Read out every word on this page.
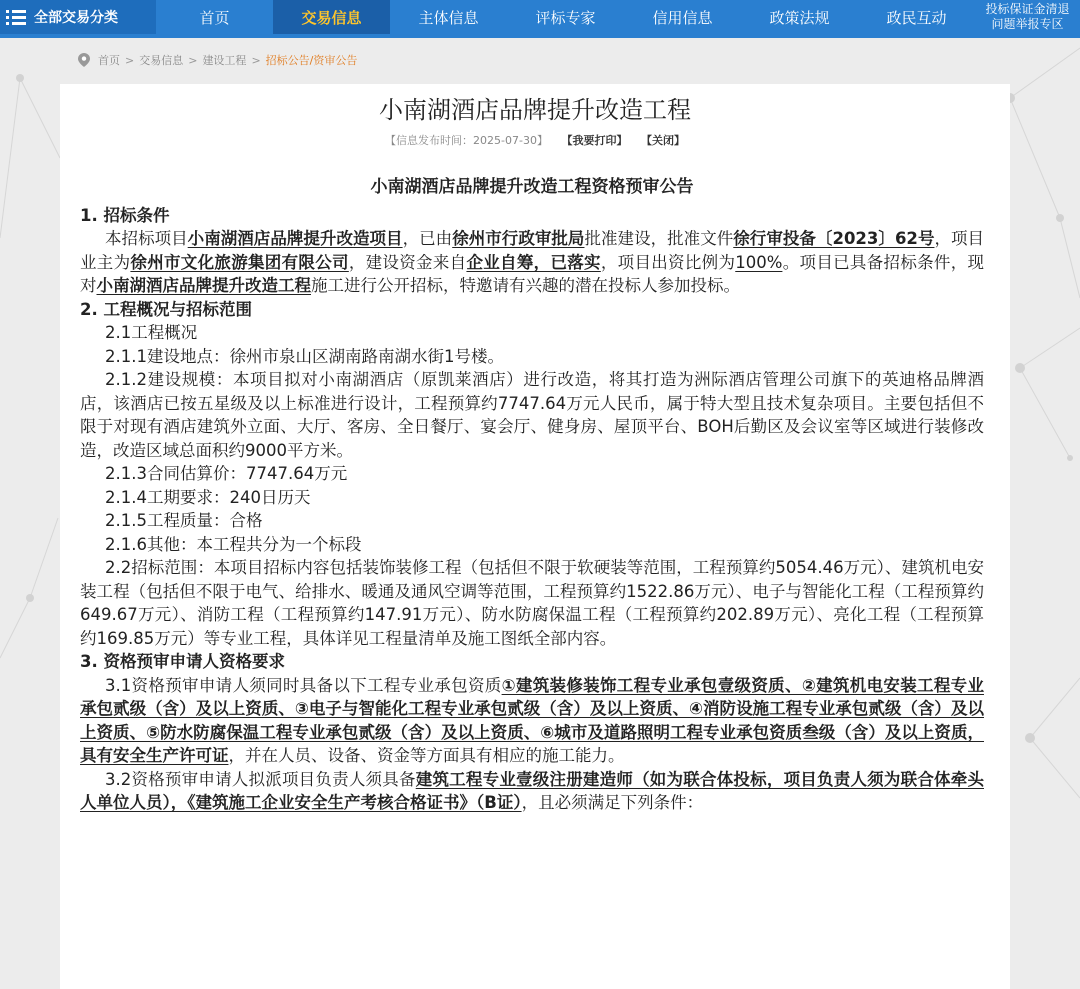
全部交易分类	首页	交易信息	主体信息	评标专家	信用信息	政策法规	政民互动	投标保证金清退
问题举报专区
首页 > 交易信息 > 建设工程 > 招标公告/资审公告
小南湖酒店品牌提升改造工程
【信息发布时间：2025-07-30】 【我要打印】 【关闭】
小南湖酒店品牌提升改造工程资格预审公告
1. 招标条件

本招标项目小南湖酒店品牌提升改造项目，已由徐州市行政审批局批准建设，批准文件徐行审投备〔2023〕62号，项目业主为徐州市文化旅游集团有限公司，建设资金来自企业自筹，已落实，项目出资比例为100%。项目已具备招标条件，现对小南湖酒店品牌提升改造工程施工进行公开招标，特邀请有兴趣的潜在投标人参加投标。

2. 工程概况与招标范围

2.1工程概况

2.1.1建设地点：徐州市泉山区湖南路南湖水街1号楼。

2.1.2建设规模：本项目拟对小南湖酒店（原凯莱酒店）进行改造，将其打造为洲际酒店管理公司旗下的英迪格品牌酒店，该酒店已按五星级及以上标准进行设计，工程预算约7747.64万元人民币，属于特大型且技术复杂项目。主要包括但不限于对现有酒店建筑外立面、大厅、客房、全日餐厅、宴会厅、健身房、屋顶平台、BOH后勤区及会议室等区域进行装修改造，改造区域总面积约9000平方米。

2.1.3合同估算价：7747.64万元

2.1.4工期要求：240日历天

2.1.5工程质量：合格

2.1.6其他：本工程共分为一个标段

2.2招标范围：本项目招标内容包括装饰装修工程（包括但不限于软硬装等范围，工程预算约5054.46万元）、建筑机电安装工程（包括但不限于电气、给排水、暖通及通风空调等范围，工程预算约1522.86万元）、电子与智能化工程（工程预算约649.67万元）、消防工程（工程预算约147.91万元）、防水防腐保温工程（工程预算约202.89万元）、亮化工程（工程预算约169.85万元）等专业工程，具体详见工程量清单及施工图纸全部内容。

3. 资格预审申请人资格要求

3.1资格预审申请人须同时具备以下工程专业承包资质①建筑装修装饰工程专业承包壹级资质、②建筑机电安装工程专业承包贰级（含）及以上资质、③电子与智能化工程专业承包贰级（含）及以上资质、④消防设施工程专业承包贰级（含）及以上资质、⑤防水防腐保温工程专业承包贰级（含）及以上资质、⑥城市及道路照明工程专业承包资质叁级（含）及以上资质，具有安全生产许可证，并在人员、设备、资金等方面具有相应的施工能力。

3.2资格预审申请人拟派项目负责人须具备建筑工程专业壹级注册建造师（如为联合体投标，项目负责人须为联合体牵头人单位人员），《建筑施工企业安全生产考核合格证书》（B证），且必须满足下列条件：
